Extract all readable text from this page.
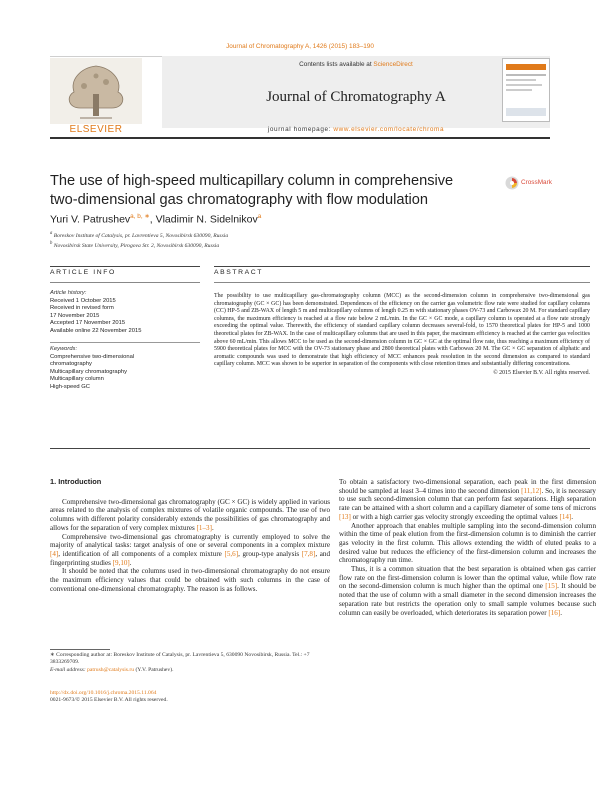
Journal of Chromatography A, 1426 (2015) 183–190
ELSEVIER
Contents lists available at ScienceDirect
Journal of Chromatography A
journal homepage: www.elsevier.com/locate/chroma
The use of high-speed multicapillary column in comprehensive
two-dimensional gas chromatography with flow modulation
CrossMark
Yuri V. Patrushev$^{a, b, ∗}$, Vladimir N. Sidelnikov$^a$
$^a$ Boreskov Institute of Catalysis, pr. Lavrentieva 5, Novosibirsk 630090, Russia
$^b$ Novosibirsk State University, Pirogova Str. 2, Novosibirsk 630090, Russia
ARTICLE INFO	ABSTRACT
Article history:
Received 1 October 2015
Received in revised form
17 November 2015
Accepted 17 November 2015
Available online 22 November 2015
Keywords:
Comprehensive two-dimensional
chromatography
Multicapillary chromatography
Multicapillary column
High-speed GC
The possibility to use multicapillary gas-chromatography column (MCC) as the second-dimension column in comprehensive two-dimensional gas chromatography (GC × GC) has been demonstrated. Dependences of the efficiency on the carrier gas volumetric flow rate were studied for capillary columns (CC) HP-5 and ZB-WAX of length 5 m and multicapillary columns of length 0.25 m with stationary phases OV-73 and Carbowax 20 M. For standard capillary columns, the maximum efficiency is reached at a flow rate below 2 mL/min. In the GC × GC mode, a capillary column is operated at a flow rate strongly exceeding the optimal value. Therewith, the efficiency of standard capillary column decreases several-fold, to 1570 theoretical plates for HP-5 and 1000 theoretical plates for ZB-WAX. In the case of multicapillary columns that are used in this paper, the maximum efficiency is reached at the carrier gas velocities above 60 mL/min. This allows MCC to be used as the second-dimension column in GC × GC at the optimal flow rate, thus reaching a maximum efficiency of 5900 theoretical plates for MCC with the OV-73 stationary phase and 2800 theoretical plates with Carbowax 20 M. The GC × GC separation of aliphatic and aromatic compounds was used to demonstrate that high efficiency of MCC enhances peak resolution in the second dimension as compared to standard capillary column. MCC was shown to be superior in separation of the components with close retention times and substantially differing concentrations.
© 2015 Elsevier B.V. All rights reserved.
1. Introduction

Comprehensive two-dimensional gas chromatography (GC × GC) is widely applied in various areas related to the analysis of complex mixtures of volatile organic compounds. The use of two columns with different polarity considerably extends the possibilities of gas chromatography and allows for the separation of very complex mixtures [1–3].

Comprehensive two-dimensional gas chromatography is currently employed to solve the majority of analytical tasks: target analysis of one or several components in a complex mixture [4], identification of all components of a complex mixture [5,6], group-type analysis [7,8], and fingerprinting studies [9,10].

It should be noted that the columns used in two-dimensional chromatography do not ensure the maximum efficiency values that could be obtained with such columns in the case of conventional one-dimensional chromatography. The reason is as follows.

To obtain a satisfactory two-dimensional separation, each peak in the first dimension should be sampled at least 3–4 times into the second dimension [11,12]. So, it is necessary to use such second-dimension column that can perform fast separations. High separation rate can be attained with a short column and a capillary diameter of some tens of microns [13] or with a high carrier gas velocity strongly exceeding the optimal values [14].

Another approach that enables multiple sampling into the second-dimension column within the time of peak elution from the first-dimension column is to diminish the carrier gas velocity in the first column. This allows extending the width of eluted peaks to a desired value but reduces the efficiency of the first-dimension column and increases the chromatography run time.

Thus, it is a common situation that the best separation is obtained when gas carrier flow rate on the first-dimension column is lower than the optimal value, while flow rate on the second-dimension column is much higher than the optimal one [15]. It should be noted that the use of column with a small diameter in the second dimension increases the separation rate but restricts the operation only to small sample volumes because such column can easily be overloaded, which deteriorates its separation power [16].

∗ Corresponding author at: Boreskov Institute of Catalysis, pr. Lavrentieva 5, 630090 Novosibirsk, Russia. Tel.: +7 3833269709.
E-mail address: patrush@catalysis.ru (Y.V. Patrushev).
http://dx.doi.org/10.1016/j.chroma.2015.11.064
0021-9673/© 2015 Elsevier B.V. All rights reserved.
